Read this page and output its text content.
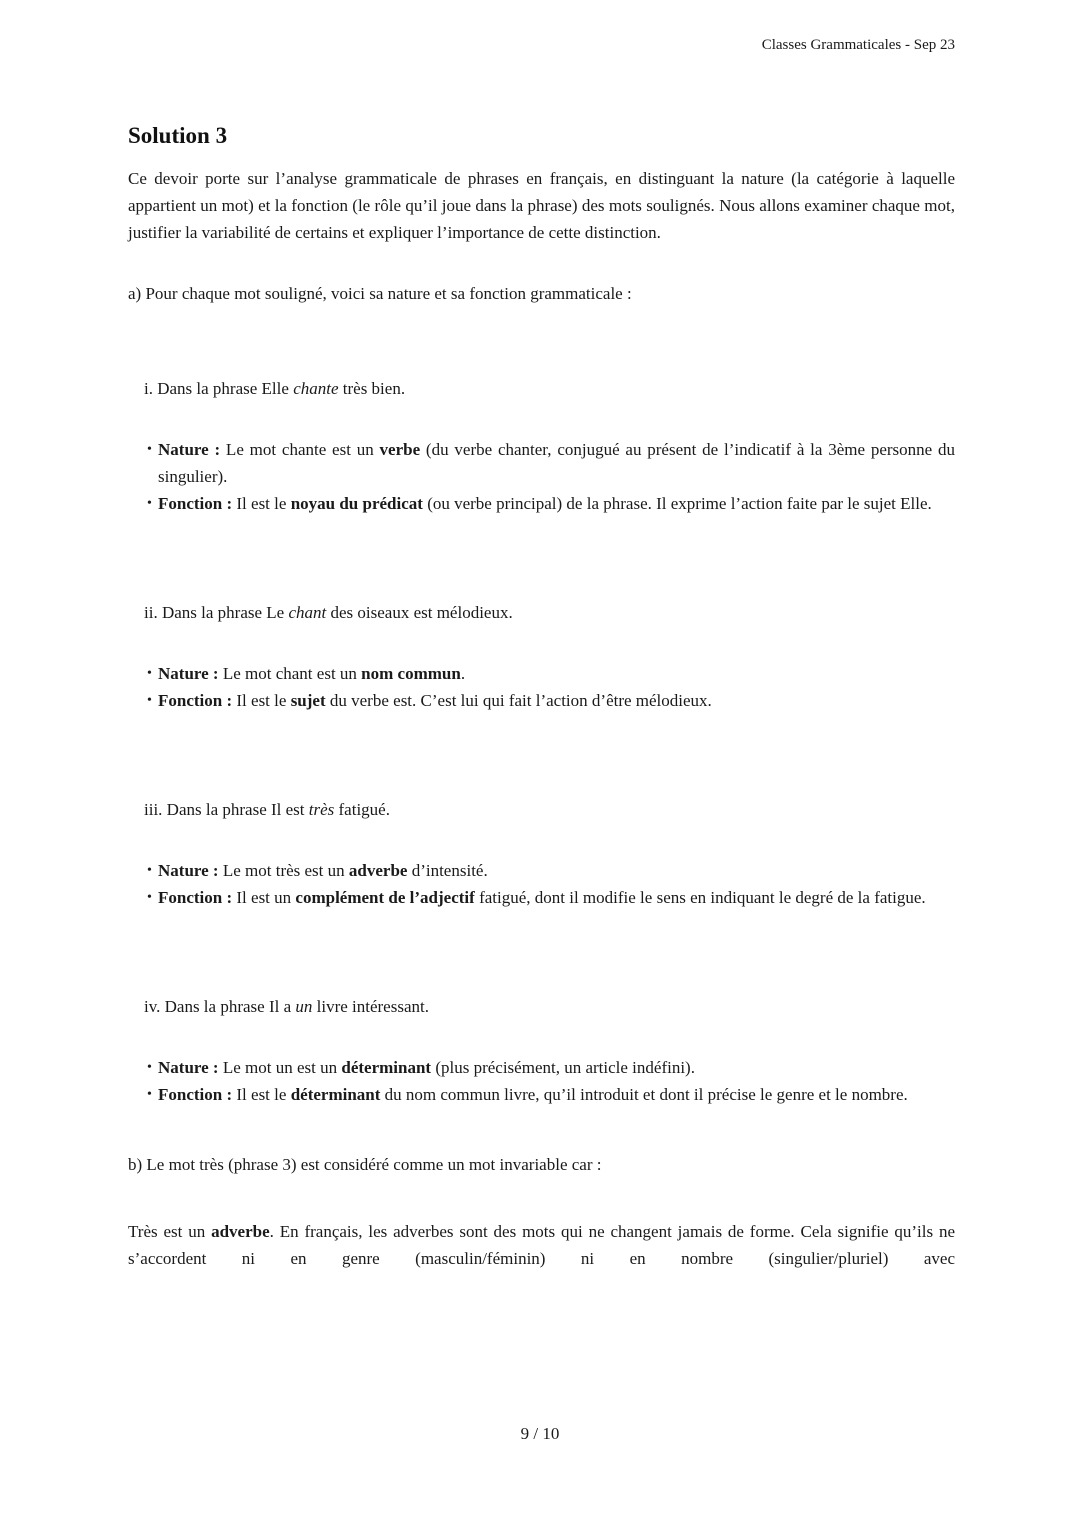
Classes Grammaticales - Sep 23
Solution 3

Ce devoir porte sur l’analyse grammaticale de phrases en français, en distinguant la nature (la catégorie à laquelle appartient un mot) et la fonction (le rôle qu’il joue dans la phrase) des mots soulignés. Nous allons examiner chaque mot, justifier la variabilité de certains et expliquer l’importance de cette distinction.

a) Pour chaque mot souligné, voici sa nature et sa fonction grammaticale :

i. Dans la phrase Elle chante très bien.

• Nature : Le mot chante est un verbe (du verbe chanter, conjugué au présent de l’indicatif à la 3ème personne du singulier).
• Fonction : Il est le noyau du prédicat (ou verbe principal) de la phrase. Il exprime l’action faite par le sujet Elle.

ii. Dans la phrase Le chant des oiseaux est mélodieux.

• Nature : Le mot chant est un nom commun.
• Fonction : Il est le sujet du verbe est. C’est lui qui fait l’action d’être mélodieux.

iii. Dans la phrase Il est très fatigué.

• Nature : Le mot très est un adverbe d’intensité.
• Fonction : Il est un complément de l’adjectif fatigué, dont il modifie le sens en indiquant le degré de la fatigue.

iv. Dans la phrase Il a un livre intéressant.

• Nature : Le mot un est un déterminant (plus précisément, un article indéfini).
• Fonction : Il est le déterminant du nom commun livre, qu’il introduit et dont il précise le genre et le nombre.

b) Le mot très (phrase 3) est considéré comme un mot invariable car :

Très est un adverbe. En français, les adverbes sont des mots qui ne changent jamais de forme. Cela signifie qu’ils ne s’accordent ni en genre (masculin/féminin) ni en nombre (singulier/pluriel) avec

9 / 10
